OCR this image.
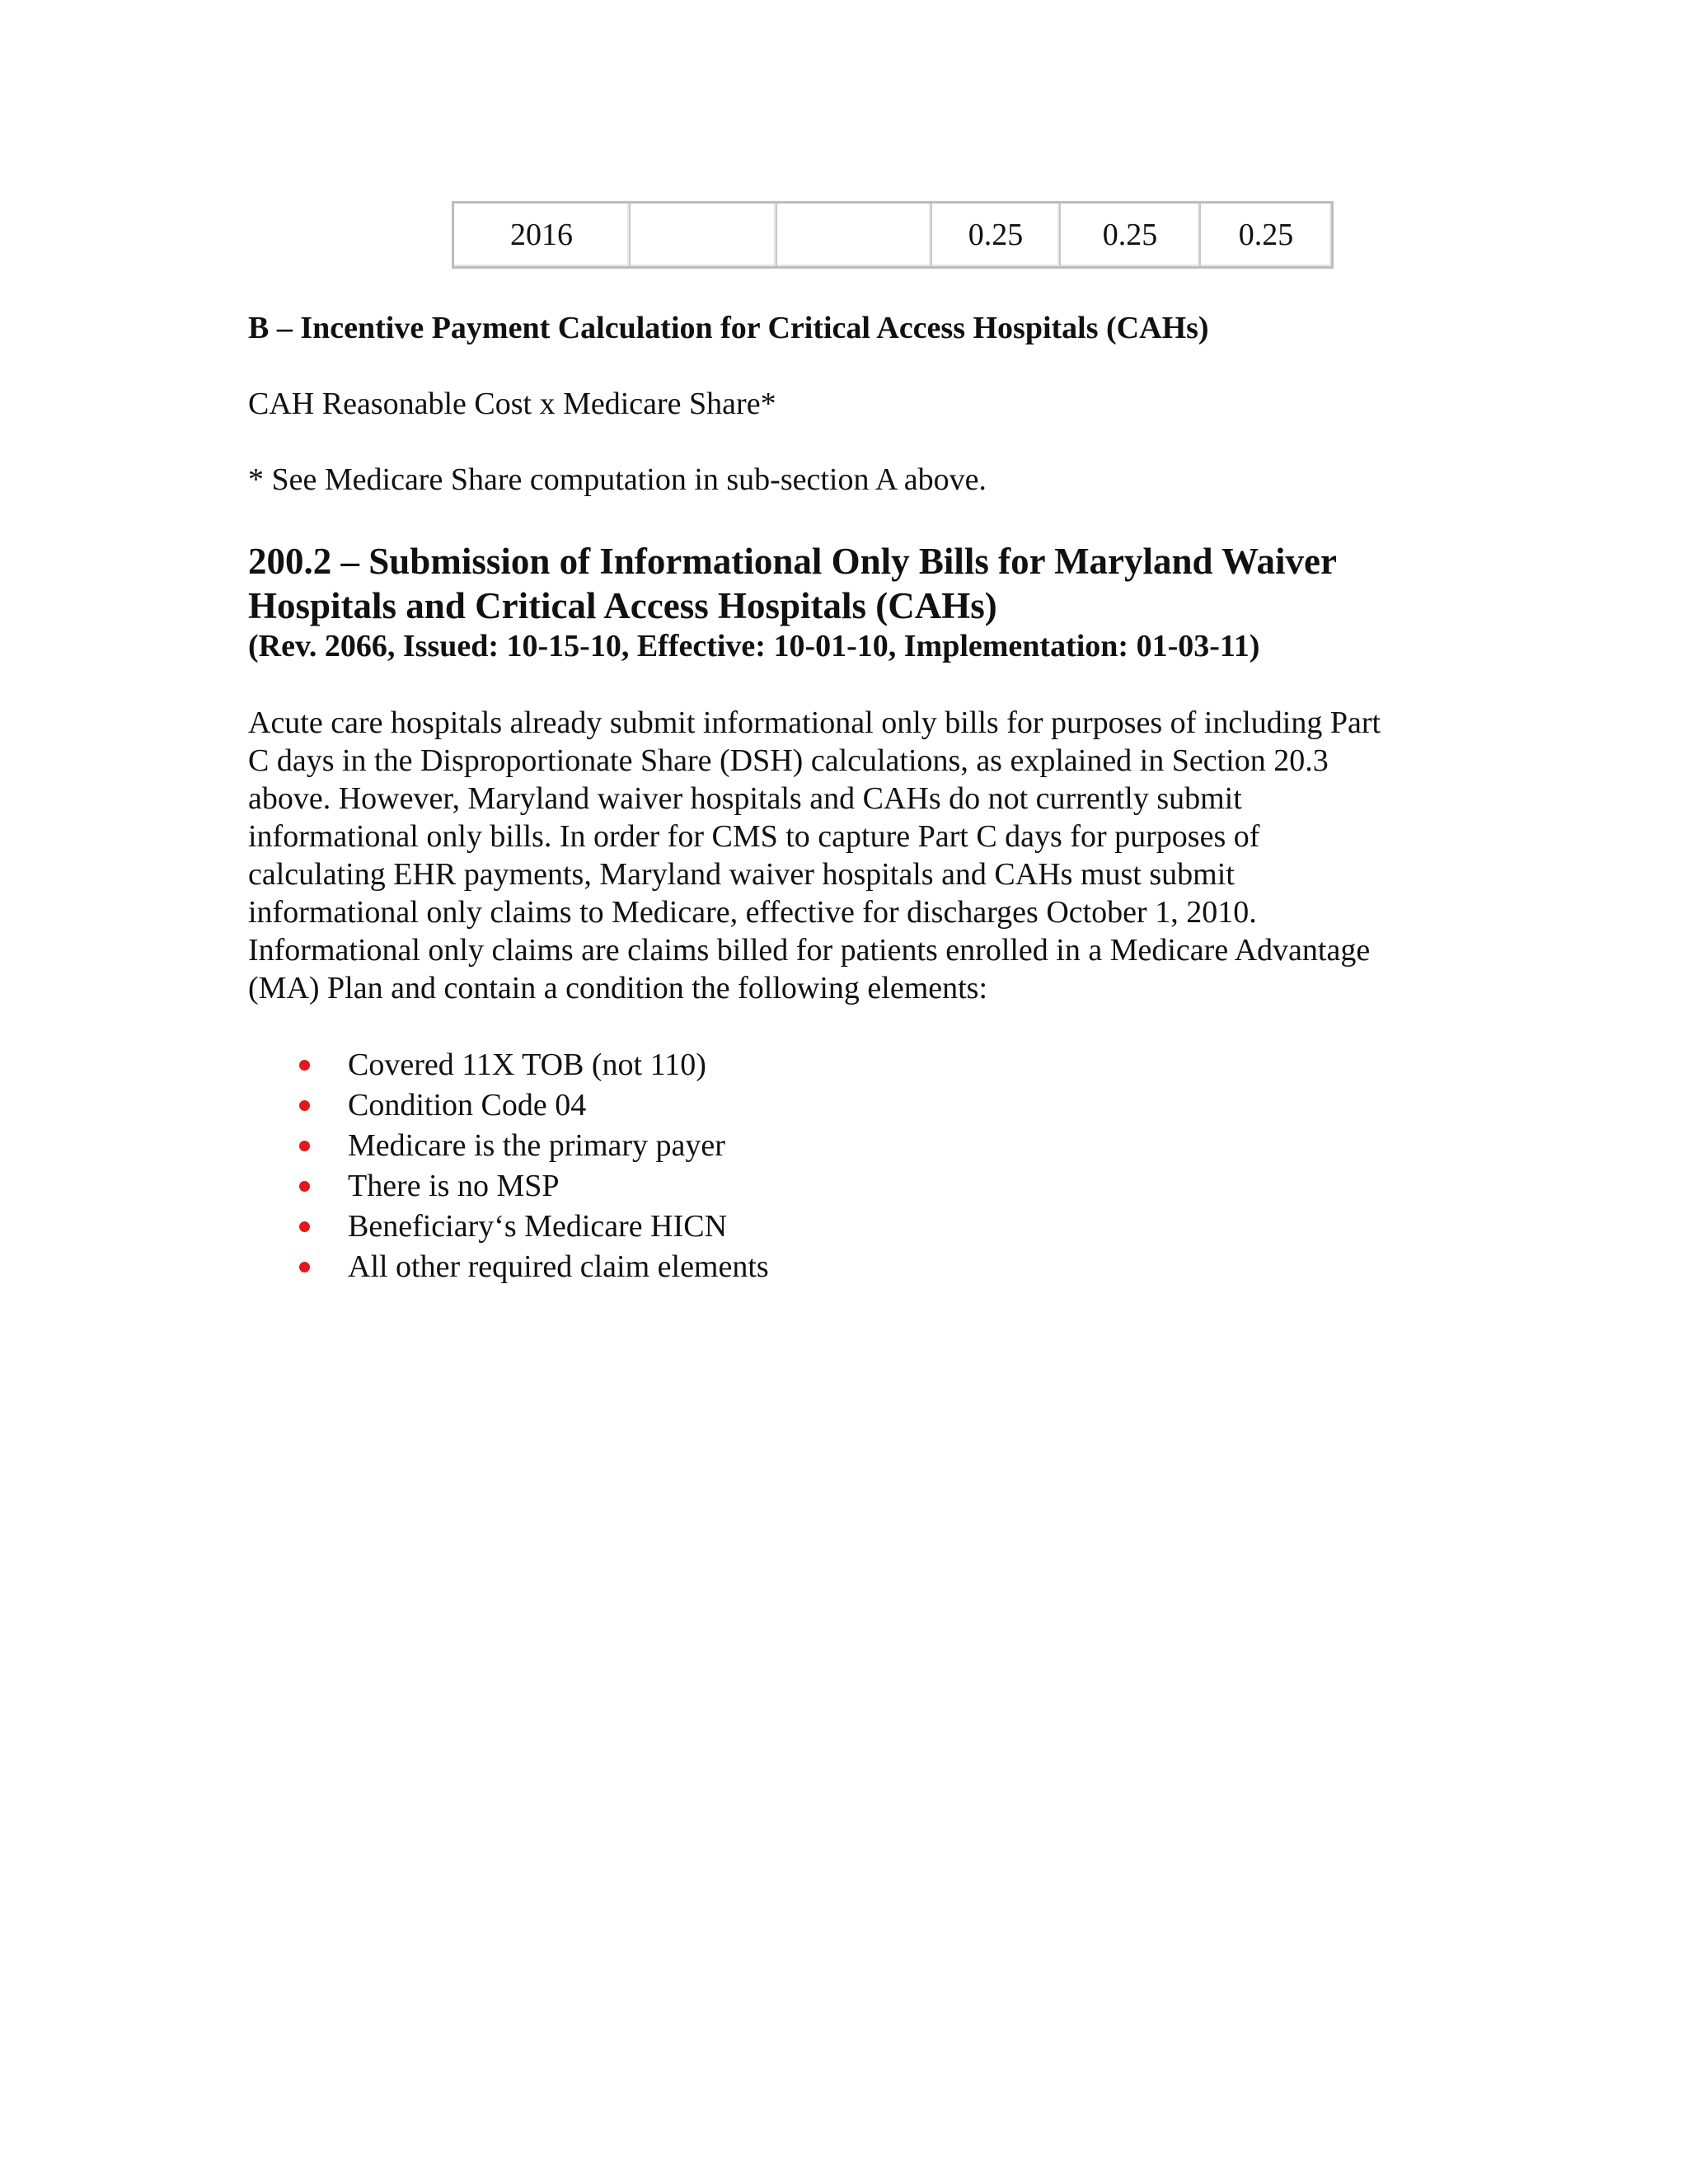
2016			0.25	0.25	0.25

B – Incentive Payment Calculation for Critical Access Hospitals (CAHs)

CAH Reasonable Cost x Medicare Share*

* See Medicare Share computation in sub-section A above.

200.2 – Submission of Informational Only Bills for Maryland Waiver
Hospitals and Critical Access Hospitals (CAHs)

(Rev. 2066, Issued: 10-15-10, Effective: 10-01-10, Implementation: 01-03-11)

Acute care hospitals already submit informational only bills for purposes of including Part
C days in the Disproportionate Share (DSH) calculations, as explained in Section 20.3
above. However, Maryland waiver hospitals and CAHs do not currently submit
informational only bills. In order for CMS to capture Part C days for purposes of
calculating EHR payments, Maryland waiver hospitals and CAHs must submit
informational only claims to Medicare, effective for discharges October 1, 2010.
Informational only claims are claims billed for patients enrolled in a Medicare Advantage
(MA) Plan and contain a condition the following elements:

Covered 11X TOB (not 110)
Condition Code 04
Medicare is the primary payer
There is no MSP
Beneficiary‘s Medicare HICN
All other required claim elements
